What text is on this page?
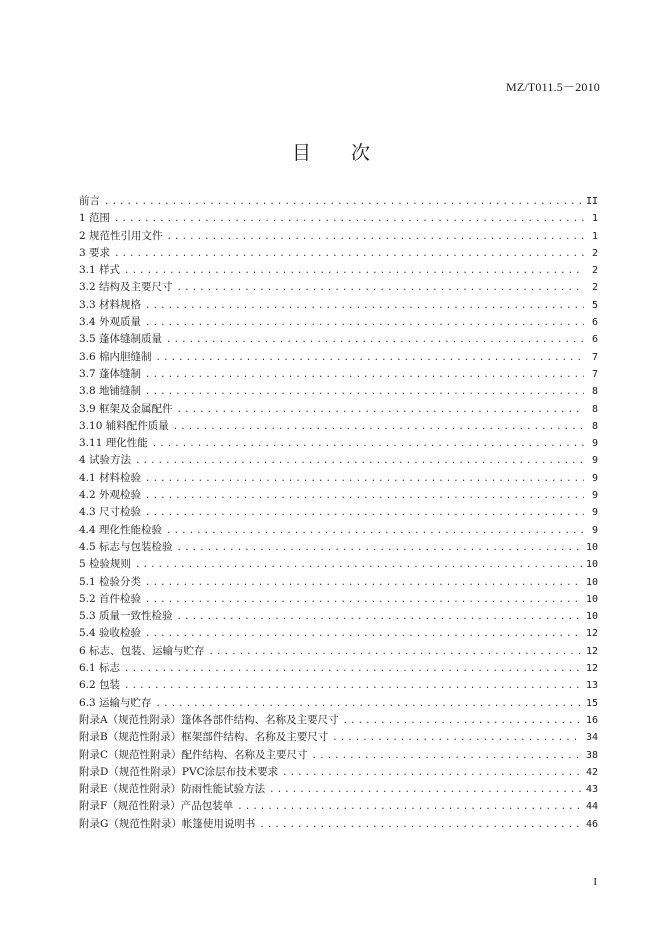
MZ/T011.5－2010
目 次
前言 .....	II
1 范围 .....	1
2 规范性引用文件 .....	1
3 要求 .....	2
3.1 样式 .....	2
3.2 结构及主要尺寸 .....	2
3.3 材料规格 .....	5
3.4 外观质量 .....	6
3.5 蓬体缝制质量 .....	6
3.6 棉内胆缝制 .....	7
3.7 蓬体缝制 .....	7
3.8 地铺缝制 .....	8
3.9 框架及金属配件 .....	8
3.10 辅料配件质量 .....	8
3.11 理化性能 .....	9
4 试验方法 .....	9
4.1 材料检验 .....	9
4.2 外观检验 .....	9
4.3 尺寸检验 .....	9
4.4 理化性能检验 .....	9
4.5 标志与包装检验 .....	10
5 检验规则 .....	10
5.1 检验分类 .....	10
5.2 首件检验 .....	10
5.3 质量一致性检验 .....	10
5.4 验收检验 .....	12
6 标志、包装、运输与贮存 .....	12
6.1 标志 .....	12
6.2 包装 .....	13
6.3 运输与贮存 .....	15
附录A（规范性附录）篷体各部件结构、名称及主要尺寸 .....	16
附录B（规范性附录）框架部件结构、名称及主要尺寸 .....	34
附录C（规范性附录）配件结构、名称及主要尺寸 .....	38
附录D（规范性附录）PVC涂层布技术要求 .....	42
附录E（规范性附录）防雨性能试验方法 .....	43
附录F（规范性附录）产品包装单 .....	44
附录G（规范性附录）帐篷使用说明书 .....	46
I
